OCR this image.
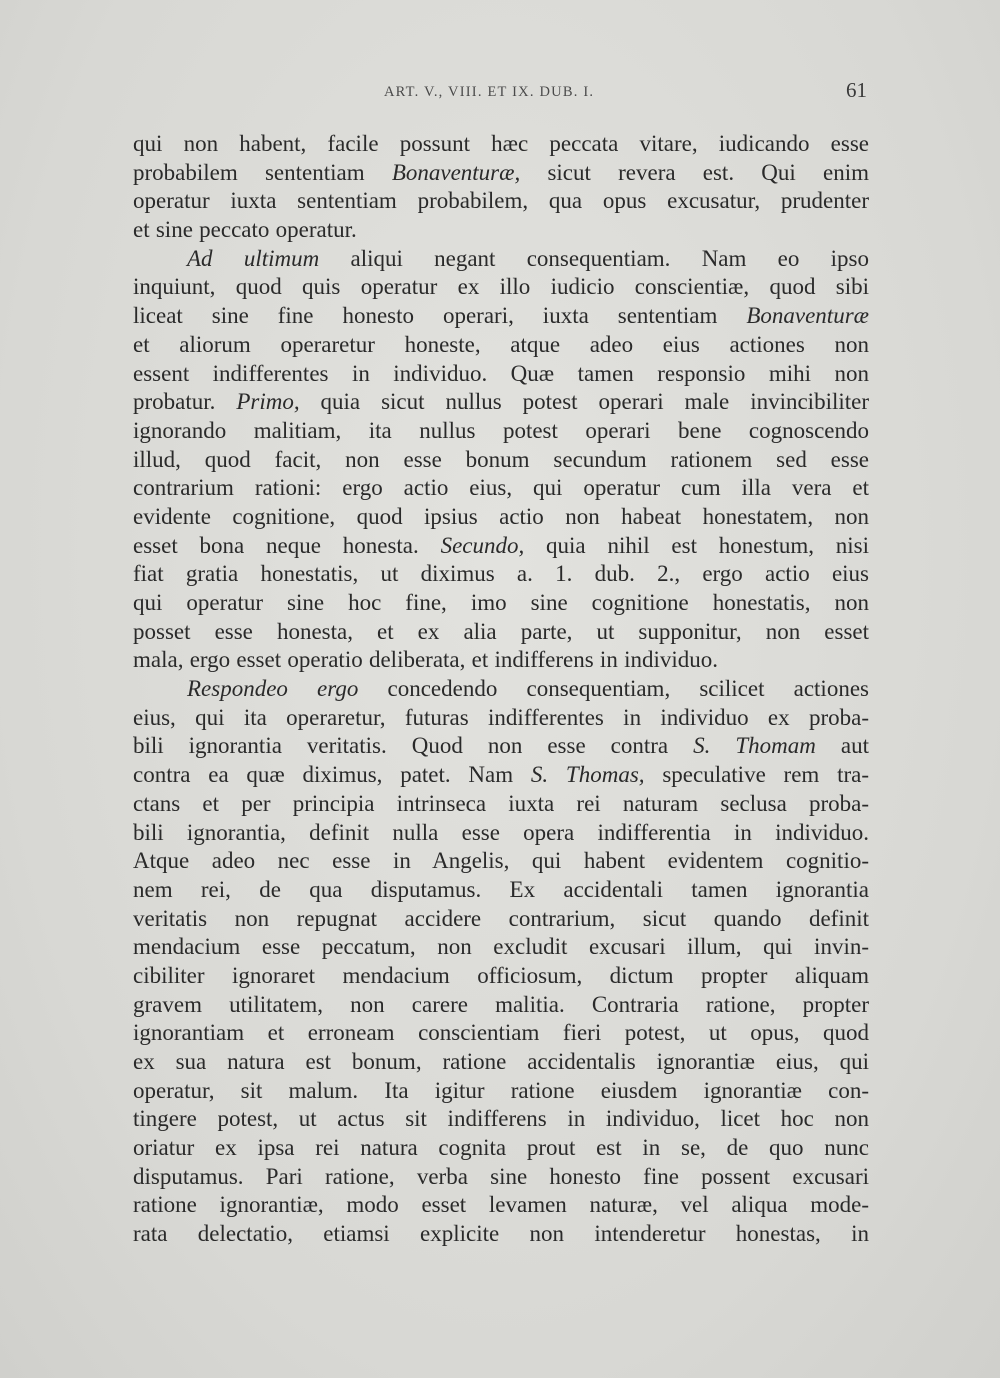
ART. V., VIII. ET IX. DUB. I.	61
qui non habent, facile possunt hæc peccata vitare, iudicando esse
probabilem sententiam Bonaventuræ, sicut revera est. Qui enim
operatur iuxta sententiam probabilem, qua opus excusatur, prudenter
et sine peccato operatur.
Ad ultimum aliqui negant consequentiam. Nam eo ipso
inquiunt, quod quis operatur ex illo iudicio conscientiæ, quod sibi
liceat sine fine honesto operari, iuxta sententiam Bonaventuræ
et aliorum operaretur honeste, atque adeo eius actiones non
essent indifferentes in individuo. Quæ tamen responsio mihi non
probatur. Primo, quia sicut nullus potest operari male invincibiliter
ignorando malitiam, ita nullus potest operari bene cognoscendo
illud, quod facit, non esse bonum secundum rationem sed esse
contrarium rationi: ergo actio eius, qui operatur cum illa vera et
evidente cognitione, quod ipsius actio non habeat honestatem, non
esset bona neque honesta. Secundo, quia nihil est honestum, nisi
fiat gratia honestatis, ut diximus a. 1. dub. 2., ergo actio eius
qui operatur sine hoc fine, imo sine cognitione honestatis, non
posset esse honesta, et ex alia parte, ut supponitur, non esset
mala, ergo esset operatio deliberata, et indifferens in individuo.
Respondeo ergo concedendo consequentiam, scilicet actiones
eius, qui ita operaretur, futuras indifferentes in individuo ex proba-
bili ignorantia veritatis. Quod non esse contra S. Thomam aut
contra ea quæ diximus, patet. Nam S. Thomas, speculative rem tra-
ctans et per principia intrinseca iuxta rei naturam seclusa proba-
bili ignorantia, definit nulla esse opera indifferentia in individuo.
Atque adeo nec esse in Angelis, qui habent evidentem cognitio-
nem rei, de qua disputamus. Ex accidentali tamen ignorantia
veritatis non repugnat accidere contrarium, sicut quando definit
mendacium esse peccatum, non excludit excusari illum, qui invin-
cibiliter ignoraret mendacium officiosum, dictum propter aliquam
gravem utilitatem, non carere malitia. Contraria ratione, propter
ignorantiam et erroneam conscientiam fieri potest, ut opus, quod
ex sua natura est bonum, ratione accidentalis ignorantiæ eius, qui
operatur, sit malum. Ita igitur ratione eiusdem ignorantiæ con-
tingere potest, ut actus sit indifferens in individuo, licet hoc non
oriatur ex ipsa rei natura cognita prout est in se, de quo nunc
disputamus. Pari ratione, verba sine honesto fine possent excusari
ratione ignorantiæ, modo esset levamen naturæ, vel aliqua mode-
rata delectatio, etiamsi explicite non intenderetur honestas, in
